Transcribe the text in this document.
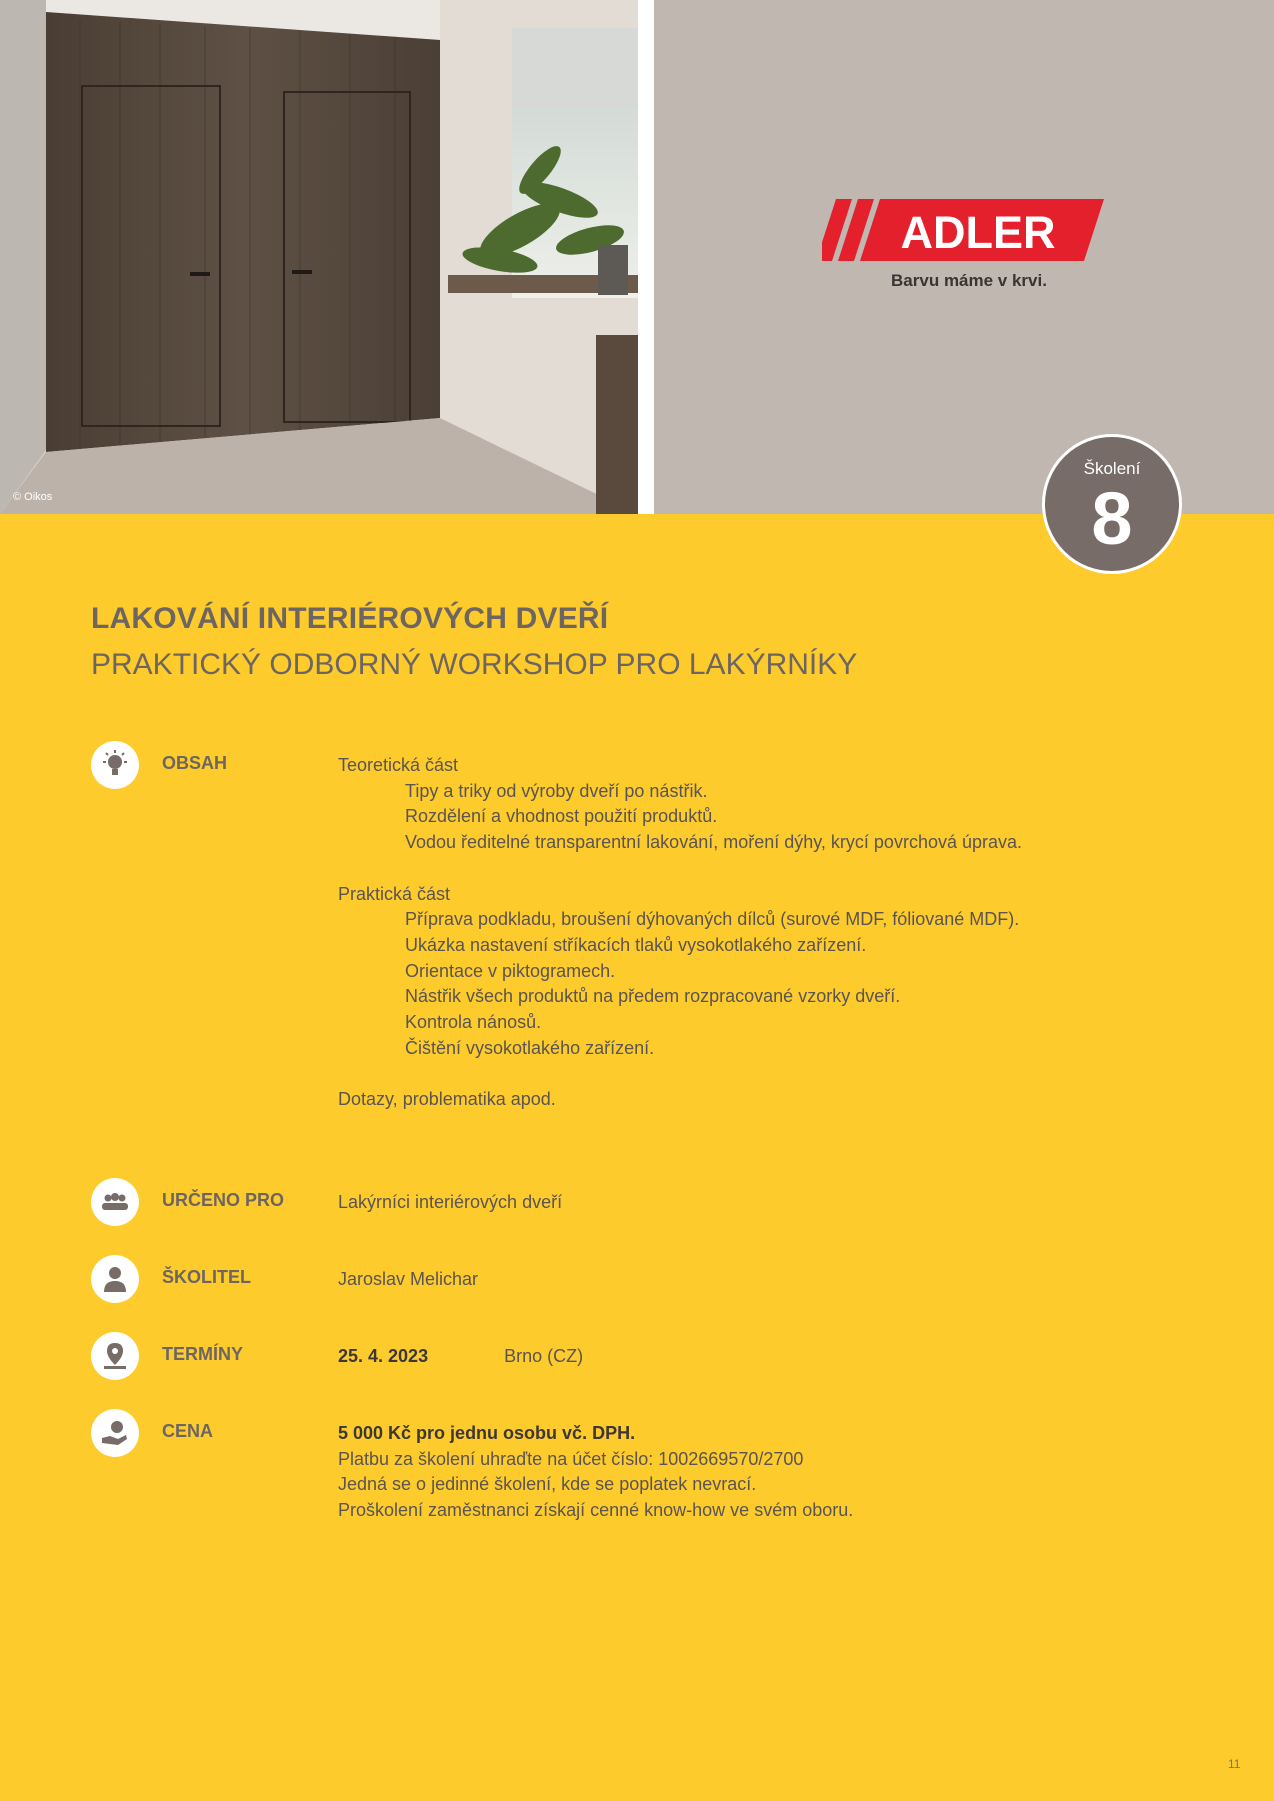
© Oikos
ADLER
Barvu máme v krvi.
Školení
8
LAKOVÁNÍ INTERIÉROVÝCH DVEŘÍ
PRAKTICKÝ ODBORNÝ WORKSHOP PRO LAKÝRNÍKY
OBSAH	Teoretická část
Tipy a triky od výroby dveří po nástřik.
Rozdělení a vhodnost použití produktů.
Vodou ředitelné transparentní lakování, moření dýhy, krycí povrchová úprava.
Praktická část
Příprava podkladu, broušení dýhovaných dílců (surové MDF, fóliované MDF).
Ukázka nastavení stříkacích tlaků vysokotlakého zařízení.
Orientace v piktogramech.
Nástřik všech produktů na předem rozpracované vzorky dveří.
Kontrola nánosů.
Čištění vysokotlakého zařízení.
Dotazy, problematika apod.
URČENO PRO	Lakýrníci interiérových dveří
ŠKOLITEL	Jaroslav Melichar
TERMÍNY	25. 4. 2023	Brno (CZ)
CENA	5 000 Kč pro jednu osobu vč. DPH.
Platbu za školení uhraďte na účet číslo: 1002669570/2700
Jedná se o jedinné školení, kde se poplatek nevrací.
Proškolení zaměstnanci získají cenné know-how ve svém oboru.
11
